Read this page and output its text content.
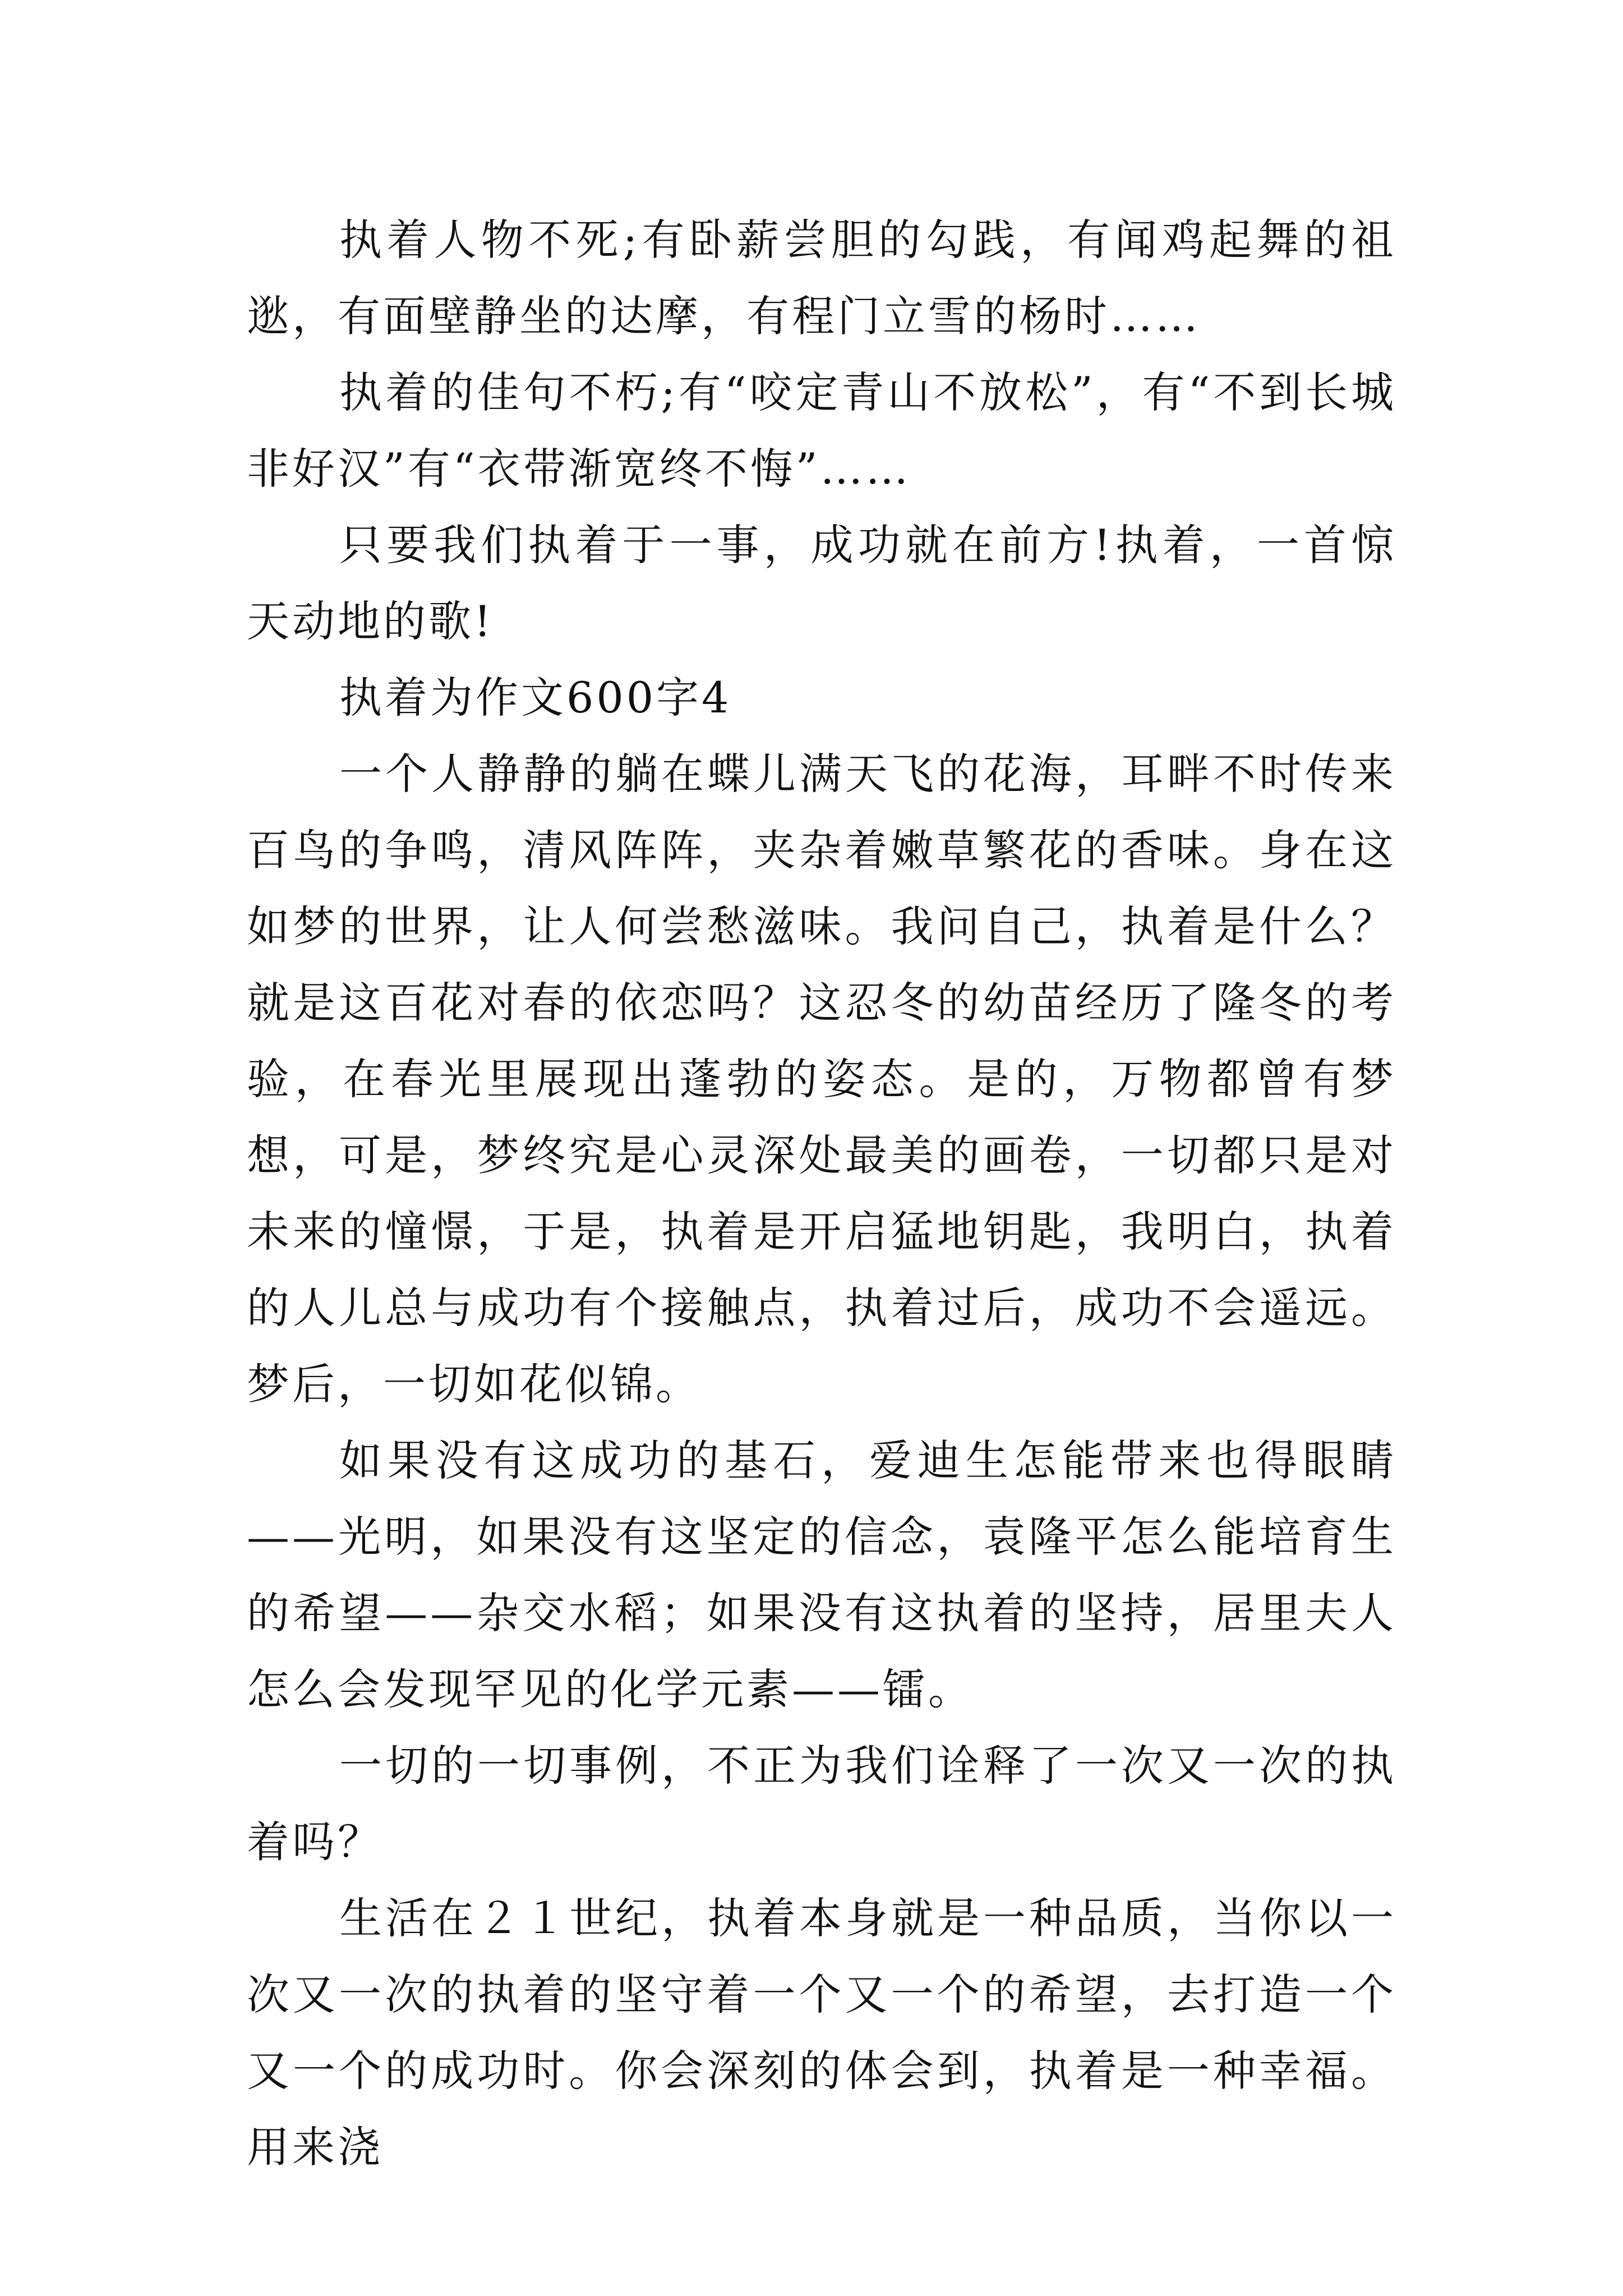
执着人物不死;有卧薪尝胆的勾践，有闻鸡起舞的祖逖，有面壁静坐的达摩，有程门立雪的杨时……

执着的佳句不朽;有“咬定青山不放松”，有“不到长城非好汉”有“衣带渐宽终不悔”……

只要我们执着于一事，成功就在前方!执着，一首惊天动地的歌!

执着为作文600字4

一个人静静的躺在蝶儿满天飞的花海，耳畔不时传来百鸟的争鸣，清风阵阵，夹杂着嫩草繁花的香味。身在这如梦的世界，让人何尝愁滋味。我问自己，执着是什么？就是这百花对春的依恋吗？这忍冬的幼苗经历了隆冬的考验，在春光里展现出蓬勃的姿态。是的，万物都曾有梦想，可是，梦终究是心灵深处最美的画卷，一切都只是对未来的憧憬，于是，执着是开启猛地钥匙，我明白，执着的人儿总与成功有个接触点，执着过后，成功不会遥远。梦后，一切如花似锦。

如果没有这成功的基石，爱迪生怎能带来也得眼睛——光明，如果没有这坚定的信念，袁隆平怎么能培育生的希望——杂交水稻；如果没有这执着的坚持，居里夫人怎么会发现罕见的化学元素——镭。

一切的一切事例，不正为我们诠释了一次又一次的执着吗？

生活在２１世纪，执着本身就是一种品质，当你以一次又一次的执着的坚守着一个又一个的希望，去打造一个又一个的成功时。你会深刻的体会到，执着是一种幸福。用来浇
